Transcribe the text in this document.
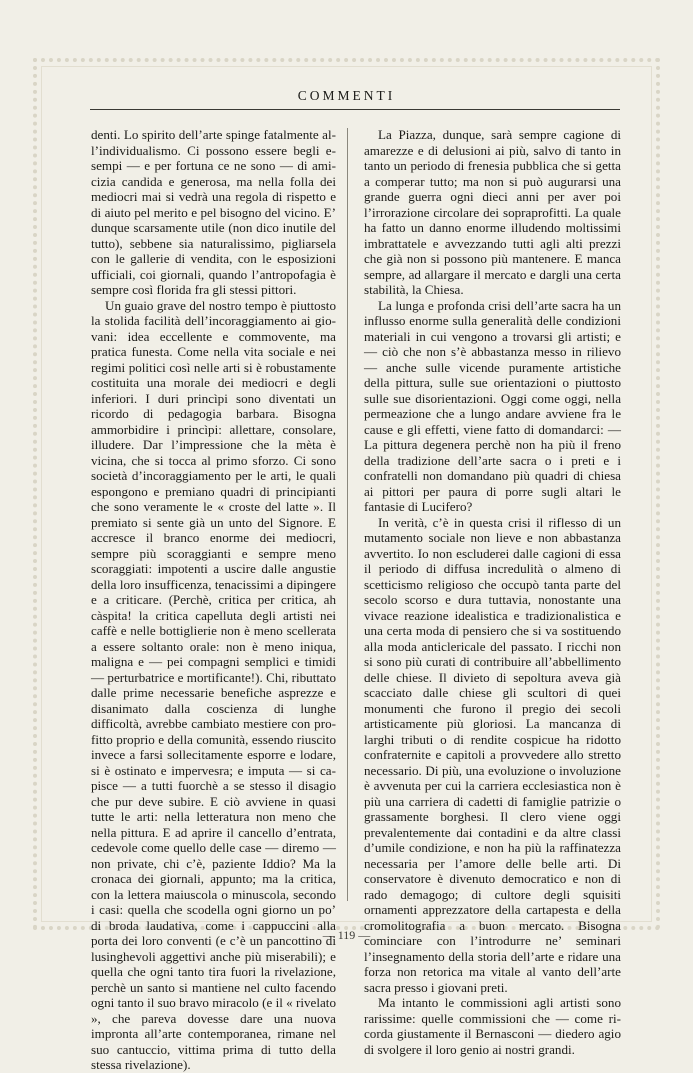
COMMENTI

denti. Lo spirito dell’arte spinge fatalmente all’individualismo. Ci possono essere begli esempi — e per fortuna ce ne sono — di amicizia candida e generosa, ma nella folla dei mediocri mai si vedrà una regola di rispetto e di aiuto pel merito e pel bisogno del vicino. E’ dunque scarsamente utile (non dico inutile del tutto), sebbene sia naturalissimo, pigliarsela con le gallerie di vendita, con le esposizioni ufficiali, coi giornali, quando l’antropofagia è sempre così florida fra gli stessi pittori.

Un guaio grave del nostro tempo è piuttosto la stolida facilità dell’incoraggiamento ai giovani: idea eccellente e commovente, ma pratica funesta. Come nella vita sociale e nei regimi politici così nelle arti si è robustamente costituita una morale dei mediocri e degli inferiori. I duri princìpi sono diventati un ricordo di pedagogia barbara. Bisogna ammorbidire i princìpi: allettare, consolare, illudere. Dar l’impressione che la mèta è vicina, che si tocca al primo sforzo. Ci sono società d’incoraggiamento per le arti, le quali espongono e premiano quadri di principianti che sono veramente le « croste del latte ». Il premiato si sente già un unto del Signore. E accresce il branco enorme dei mediocri, sempre più scoraggianti e sempre meno scoraggiati: impotenti a uscire dalle angustie della loro insufficenza, tenacissimi a dipingere e a criticare. (Perchè, critica per critica, ah càspita! la critica capelluta degli artisti nei caffè e nelle bottiglierie non è meno scellerata a essere soltanto orale: non è meno iniqua, maligna e — pei compagni semplici e timidi — perturbatrice e mortificante!). Chi, ributtato dalle prime necessarie benefiche asprezze e disanimato dalla coscienza di lunghe difficoltà, avrebbe cambiato mestiere con profitto proprio e della comunità, essendo riuscito invece a farsi sollecitamente esporre e lodare, si è ostinato e impervesra; e imputa — si capisce — a tutti fuorchè a se stesso il disagio che pur deve subire. E ciò avviene in quasi tutte le arti: nella letteratura non meno che nella pittura. E ad aprire il cancello d’entrata, cedevole come quello delle case — diremo — non private, chi c’è, paziente Iddio? Ma la cronaca dei giornali, appunto; ma la critica, con la lettera maiuscola o minuscola, secondo i casi: quella che scodella ogni giorno un po’ di broda laudativa, come i cappuccini alla porta dei loro conventi (e c’è un pancottino di lusinghevoli aggettivi anche più miserabili); e quella che ogni tanto tira fuori la rivelazione, perchè un santo si mantiene nel culto facendo ogni tanto il suo bravo miracolo (e il « rivelato », che pareva dovesse dare una nuova impronta all’arte contemporanea, rimane nel suo cantuccio, vittima prima di tutto della stessa rivelazione).

La Piazza, dunque, sarà sempre cagione di amarezze e di delusioni ai più, salvo di tanto in tanto un periodo di frenesia pubblica che si getta a comperar tutto; ma non si può augurarsi una grande guerra ogni dieci anni per aver poi l’irrorazione circolare dei sopraprofitti. La quale ha fatto un danno enorme illudendo moltissimi imbrattatele e avvezzando tutti agli alti prezzi che già non si possono più mantenere. E manca sempre, ad allargare il mercato e dargli una certa stabilità, la Chiesa.

La lunga e profonda crisi dell’arte sacra ha un influsso enorme sulla generalità delle condizioni materiali in cui vengono a trovarsi gli artisti; e — ciò che non s’è abbastanza messo in rilievo — anche sulle vicende puramente artistiche della pittura, sulle sue orientazioni o piuttosto sulle sue disorientazioni. Oggi come oggi, nella permeazione che a lungo andare avviene fra le cause e gli effetti, viene fatto di domandarci: — La pittura degenera perchè non ha più il freno della tradizione dell’arte sacra o i preti e i confratelli non domandano più quadri di chiesa ai pittori per paura di porre sugli altari le fantasie di Lucifero?

In verità, c’è in questa crisi il riflesso di un mutamento sociale non lieve e non abbastanza avvertito. Io non escluderei dalle cagioni di essa il periodo di diffusa incredulità o almeno di scetticismo religioso che occupò tanta parte del secolo scorso e dura tuttavia, nonostante una vivace reazione idealistica e tradizionalistica e una certa moda di pensiero che si va sostituendo alla moda anticlericale del passato. I ricchi non si sono più curati di contribuire all’abbellimento delle chiese. Il divieto di sepoltura aveva già scacciato dalle chiese gli scultori di quei monumenti che furono il pregio dei secoli artisticamente più gloriosi. La mancanza di larghi tributi o di rendite cospicue ha ridotto confraternite e capitoli a provvedere allo stretto necessario. Di più, una evoluzione o involuzione è avvenuta per cui la carriera ecclesiastica non è più una carriera di cadetti di famiglie patrizie o grassamente borghesi. Il clero viene oggi prevalentemente dai contadini e da altre classi d’umile condizione, e non ha più la raffinatezza necessaria per l’amore delle belle arti. Di conservatore è divenuto democratico e non di rado demagogo; di cultore degli squisiti ornamenti apprezzatore della cartapesta e della cromolitografia a buon mercato. Bisogna cominciare con l’introdurre ne’ seminari l’insegnamento della storia dell’arte e ridare una forza non retorica ma vitale al vanto dell’arte sacra presso i giovani preti.

Ma intanto le commissioni agli artisti sono rarissime: quelle commissioni che — come ricorda giustamente il Bernasconi — diedero agio di svolgere il loro genio ai nostri grandi.

— 119 —
